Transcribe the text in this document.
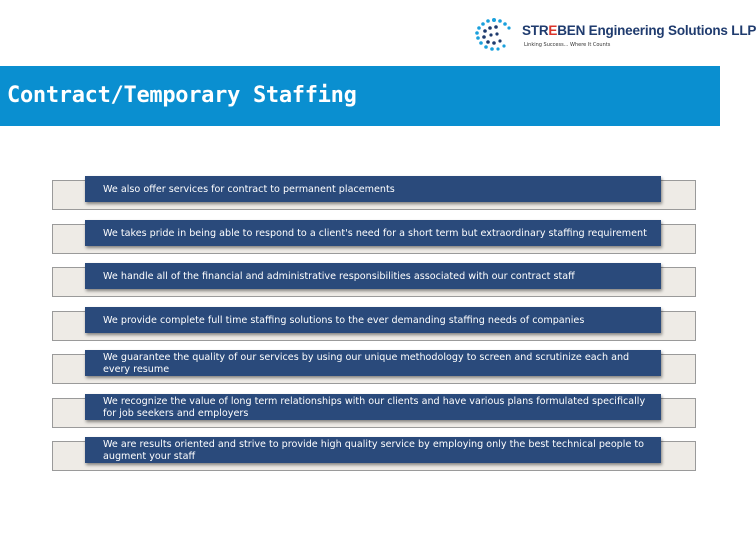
STREBEN Engineering Solutions LLP
Linking Success... Where It Counts
Contract/Temporary Staffing
We also offer services for contract to permanent placements
We takes pride in being able to respond to a client's need for a short term but extraordinary staffing requirement
We handle all of the financial and administrative responsibilities associated with our contract staff
We provide complete full time staffing solutions to the ever demanding staffing needs of companies
We guarantee the quality of our services by using our unique methodology to screen and scrutinize each and every resume
We recognize the value of long term relationships with our clients and have various plans formulated specifically for job seekers and employers
We are results oriented and strive to provide high quality service by employing only the best technical people to augment your staff
